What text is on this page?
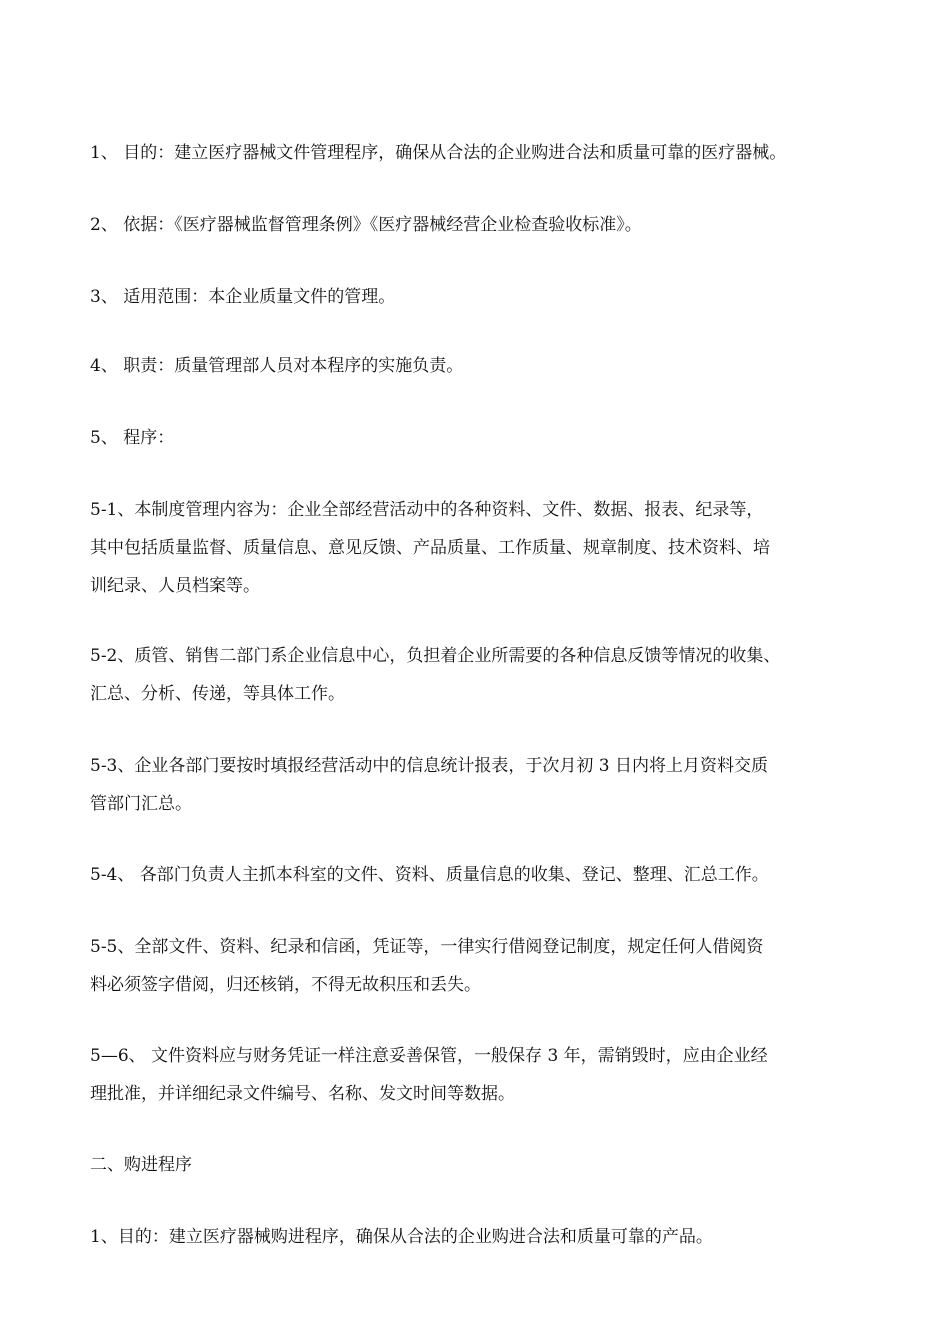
1、 目的：建立医疗器械文件管理程序，确保从合法的企业购进合法和质量可靠的医疗器械。
2、 依据：《医疗器械监督管理条例》《医疗器械经营企业检查验收标准》。
3、 适用范围：本企业质量文件的管理。
4、 职责：质量管理部人员对本程序的实施负责。
5、 程序：
5-1、本制度管理内容为：企业全部经营活动中的各种资料、文件、数据、报表、纪录等，
其中包括质量监督、质量信息、意见反馈、产品质量、工作质量、规章制度、技术资料、培
训纪录、人员档案等。
5-2、质管、销售二部门系企业信息中心，负担着企业所需要的各种信息反馈等情况的收集、
汇总、分析、传递，等具体工作。
5-3、企业各部门要按时填报经营活动中的信息统计报表，于次月初 3 日内将上月资料交质
管部门汇总。
5-4、 各部门负责人主抓本科室的文件、资料、质量信息的收集、登记、整理、汇总工作。
5-5、全部文件、资料、纪录和信函，凭证等，一律实行借阅登记制度，规定任何人借阅资
料必须签字借阅，归还核销，不得无故积压和丢失。
5—6、 文件资料应与财务凭证一样注意妥善保管，一般保存 3 年，需销毁时，应由企业经
理批准，并详细纪录文件编号、名称、发文时间等数据。
二、购进程序
1、目的：建立医疗器械购进程序，确保从合法的企业购进合法和质量可靠的产品。
